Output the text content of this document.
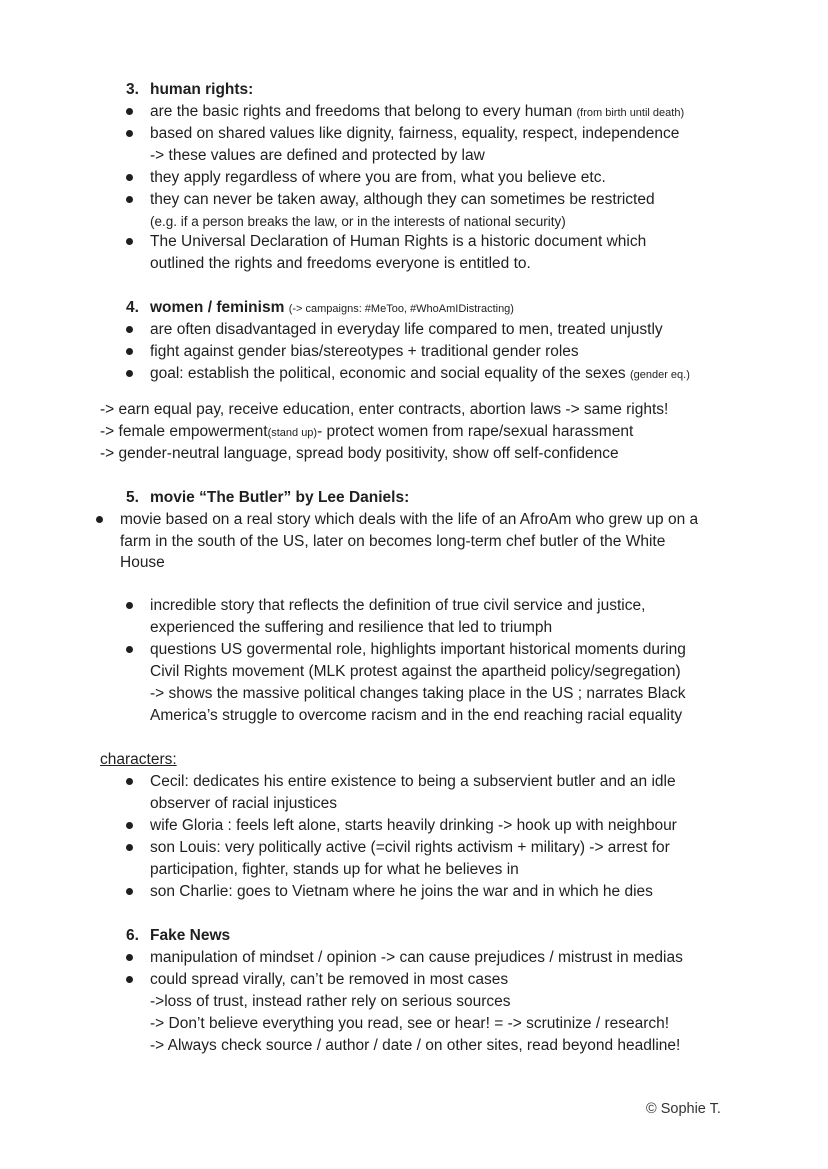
3. human rights:
are the basic rights and freedoms that belong to every human (from birth until death)
based on shared values like dignity, fairness, equality, respect, independence
-> these values are defined and protected by law
they apply regardless of where you are from, what you believe etc.
they can never be taken away, although they can sometimes be restricted
(e.g. if a person breaks the law, or in the interests of national security)
The Universal Declaration of Human Rights is a historic document which
outlined the rights and freedoms everyone is entitled to.
4. women / feminism (-> campaigns: #MeToo, #WhoAmIDistracting)
are often disadvantaged in everyday life compared to men, treated unjustly
fight against gender bias/stereotypes + traditional gender roles
goal: establish the political, economic and social equality of the sexes (gender eq.)
-> earn equal pay, receive education, enter contracts, abortion laws -> same rights!
-> female empowerment(stand up)- protect women from rape/sexual harassment
-> gender-neutral language, spread body positivity, show off self-confidence
5. movie “The Butler” by Lee Daniels:
movie based on a real story which deals with the life of an AfroAm who grew up on a
farm in the south of the US, later on becomes long-term chef butler of the White
House
incredible story that reflects the definition of true civil service and justice,
experienced the suffering and resilience that led to triumph
questions US govermental role, highlights important historical moments during
Civil Rights movement (MLK protest against the apartheid policy/segregation)
-> shows the massive political changes taking place in the US ; narrates Black
America’s struggle to overcome racism and in the end reaching racial equality
characters:
Cecil: dedicates his entire existence to being a subservient butler and an idle
observer of racial injustices
wife Gloria : feels left alone, starts heavily drinking -> hook up with neighbour
son Louis: very politically active (=civil rights activism + military) -> arrest for
participation, fighter, stands up for what he believes in
son Charlie: goes to Vietnam where he joins the war and in which he dies
6. Fake News
manipulation of mindset / opinion -> can cause prejudices / mistrust in medias
could spread virally, can’t be removed in most cases
->loss of trust, instead rather rely on serious sources
-> Don’t believe everything you read, see or hear! = -> scrutinize / research!
-> Always check source / author / date / on other sites, read beyond headline!
© Sophie T.
